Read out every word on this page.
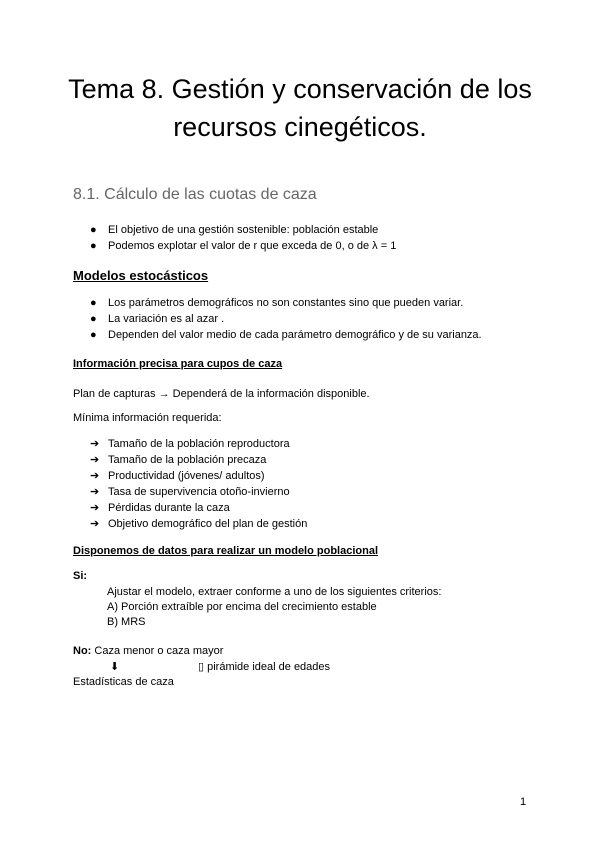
Tema 8. Gestión y conservación de los
recursos cinegéticos.
8.1. Cálculo de las cuotas de caza
● El objetivo de una gestión sostenible: población estable
● Podemos explotar el valor de r que exceda de 0, o de λ = 1
Modelos estocásticos
● Los parámetros demográficos no son constantes sino que pueden variar.
● La variación es al azar .
● Dependen del valor medio de cada parámetro demográfico y de su varianza.
Información precisa para cupos de caza

Plan de capturas → Dependerá de la información disponible.

Mínima información requerida:

➔ Tamaño de la población reproductora
➔ Tamaño de la población precaza
➔ Productividad (jóvenes/ adultos)
➔ Tasa de supervivencia otoño-invierno
➔ Pérdidas durante la caza
➔ Objetivo demográfico del plan de gestión
Disponemos de datos para realizar un modelo poblacional

Si:

Ajustar el modelo, extraer conforme a uno de los siguientes criterios:
A) Porción extraíble por encima del crecimiento estable
B) MRS

No: Caza menor o caza mayor

⬇	▯ pirámide ideal de edades

Estadísticas de caza

1
